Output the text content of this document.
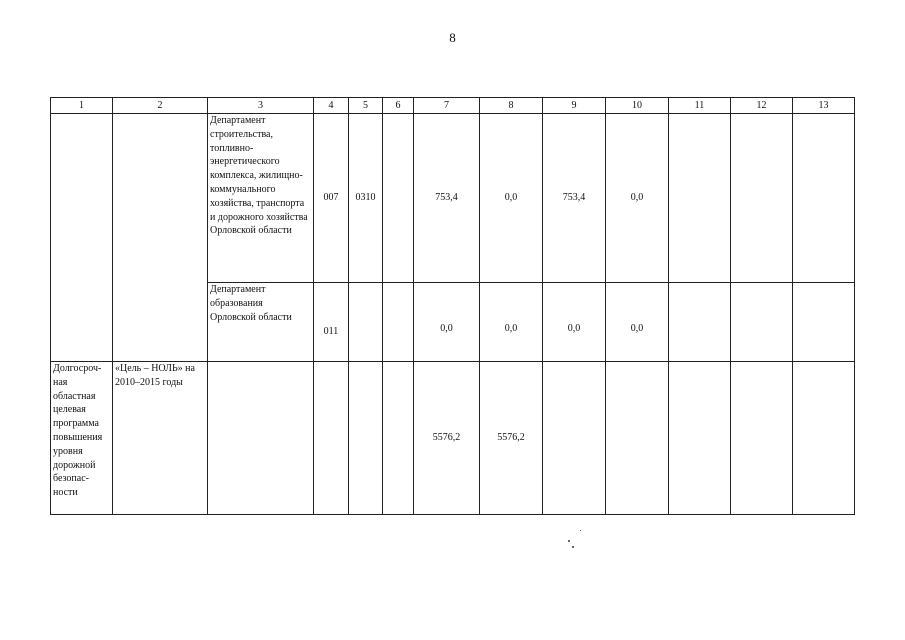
8
1	2	3	4	5	6	7	8	9	10	11	12	13
		Департамент строительства, топливно-энергетического комплекса, жилищно-коммунального хозяйства, транспорта и дорожного хозяйства Орловской области	007	0310		753,4	0,0	753,4	0,0			
		Департамент образования Орловской области	011			0,0	0,0	0,0	0,0			

Долгосроч-ная областная целевая программа повышения уровня дорожной безопас-ности	«Цель – НОЛЬ» на 2010–2015 годы					5576,2	5576,2					
